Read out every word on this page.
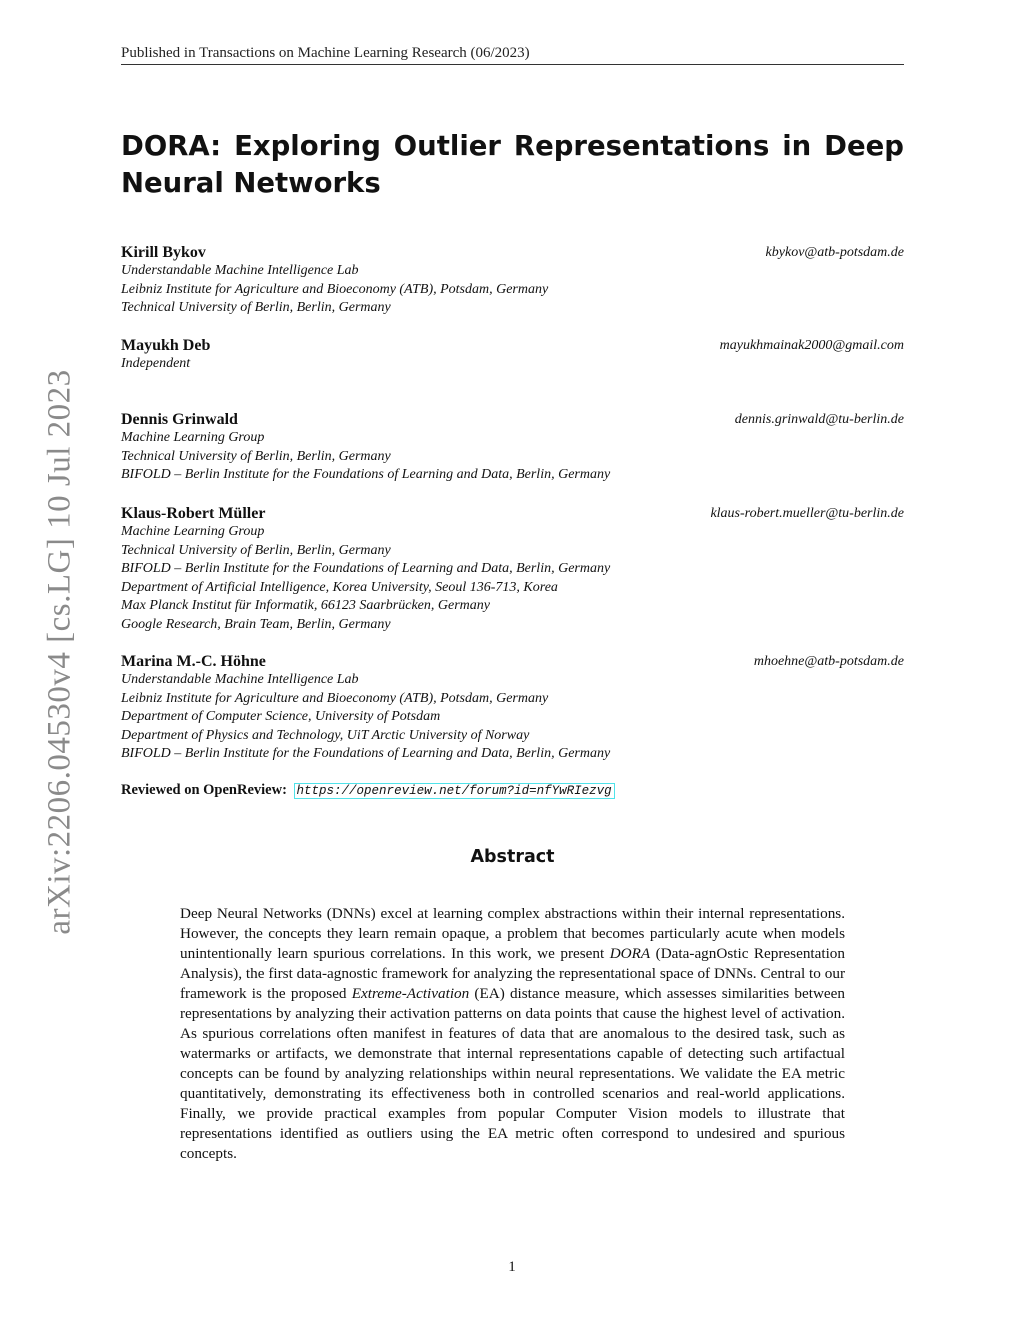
Published in Transactions on Machine Learning Research (06/2023)
arXiv:2206.04530v4 [cs.LG] 10 Jul 2023
DORA: Exploring Outlier Representations in Deep Neural Networks
Kirill Bykov	kbykov@atb-potsdam.de
Understandable Machine Intelligence Lab
Leibniz Institute for Agriculture and Bioeconomy (ATB), Potsdam, Germany
Technical University of Berlin, Berlin, Germany
Mayukh Deb	mayukhmainak2000@gmail.com
Independent
Dennis Grinwald	dennis.grinwald@tu-berlin.de
Machine Learning Group
Technical University of Berlin, Berlin, Germany
BIFOLD – Berlin Institute for the Foundations of Learning and Data, Berlin, Germany
Klaus-Robert Müller	klaus-robert.mueller@tu-berlin.de
Machine Learning Group
Technical University of Berlin, Berlin, Germany
BIFOLD – Berlin Institute for the Foundations of Learning and Data, Berlin, Germany
Department of Artificial Intelligence, Korea University, Seoul 136-713, Korea
Max Planck Institut für Informatik, 66123 Saarbrücken, Germany
Google Research, Brain Team, Berlin, Germany
Marina M.-C. Höhne	mhoehne@atb-potsdam.de
Understandable Machine Intelligence Lab
Leibniz Institute for Agriculture and Bioeconomy (ATB), Potsdam, Germany
Department of Computer Science, University of Potsdam
Department of Physics and Technology, UiT Arctic University of Norway
BIFOLD – Berlin Institute for the Foundations of Learning and Data, Berlin, Germany
Reviewed on OpenReview: https://openreview.net/forum?id=nfYwRIezvg
Abstract

Deep Neural Networks (DNNs) excel at learning complex abstractions within their internal representations. However, the concepts they learn remain opaque, a problem that becomes particularly acute when models unintentionally learn spurious correlations. In this work, we present DORA (Data-agnOstic Representation Analysis), the first data-agnostic framework for analyzing the representational space of DNNs. Central to our framework is the proposed Extreme-Activation (EA) distance measure, which assesses similarities between representations by analyzing their activation patterns on data points that cause the highest level of activation. As spurious correlations often manifest in features of data that are anomalous to the desired task, such as watermarks or artifacts, we demonstrate that internal representations capable of detecting such artifactual concepts can be found by analyzing relationships within neural representations. We validate the EA metric quantitatively, demonstrating its effectiveness both in controlled scenarios and real-world applications. Finally, we provide practical examples from popular Computer Vision models to illustrate that representations identified as outliers using the EA metric often correspond to undesired and spurious concepts.

1
